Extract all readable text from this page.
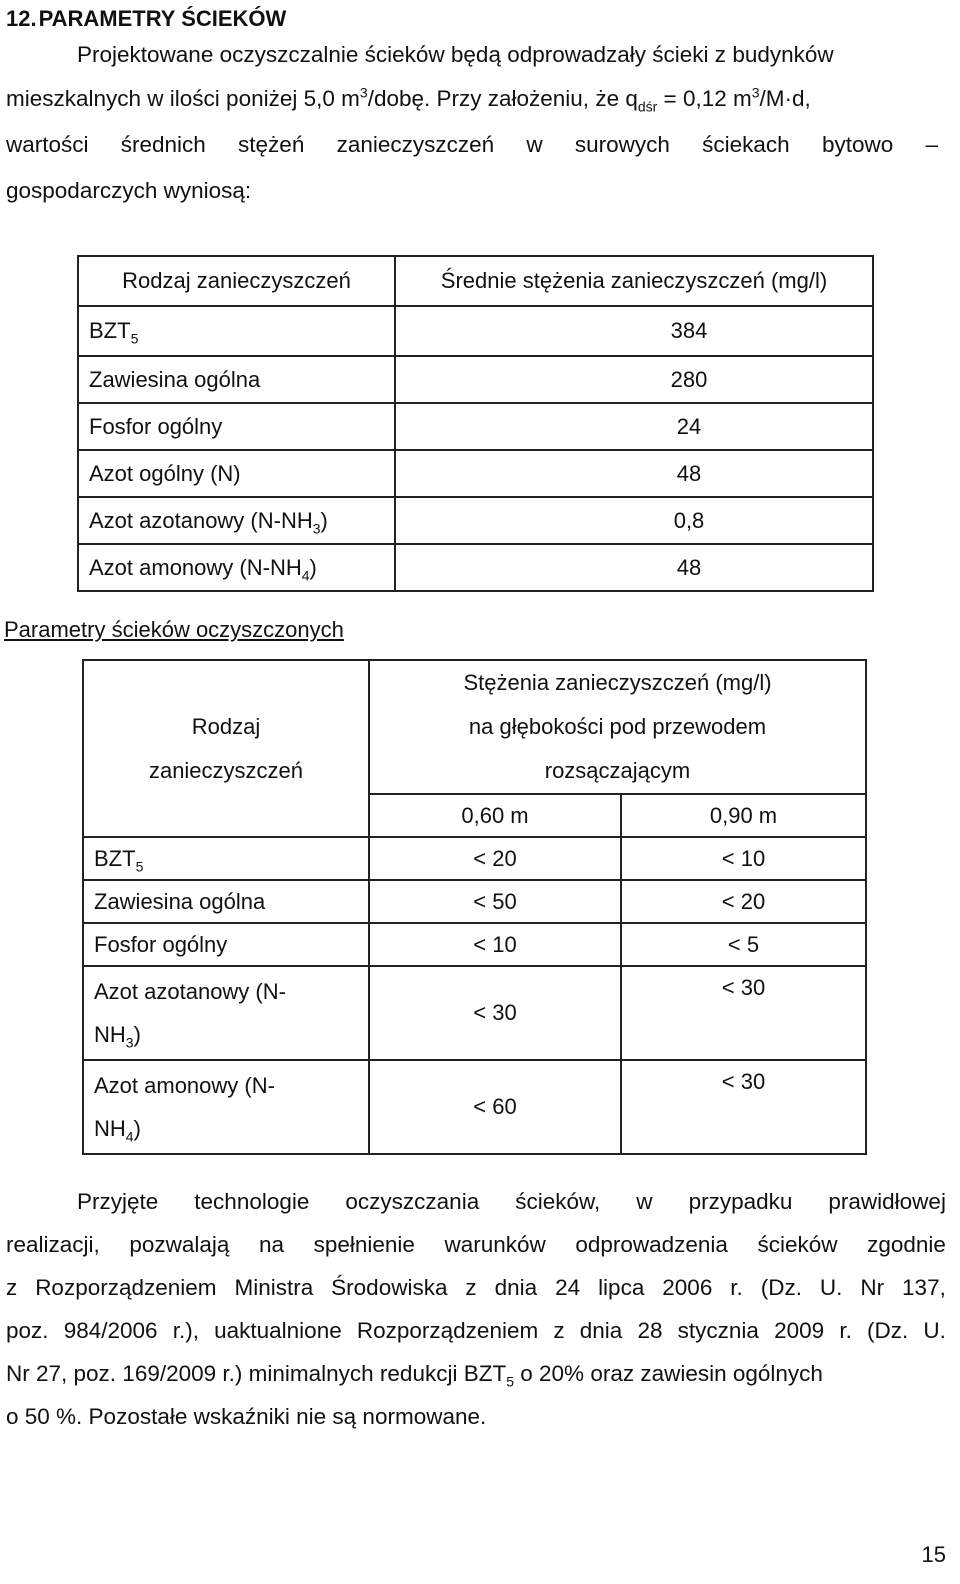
12.PARAMETRY ŚCIEKÓW
Projektowane oczyszczalnie ścieków będą odprowadzały ścieki z budynków
mieszkalnych w ilości poniżej 5,0 $m^3$/dobę. Przy założeniu, że $q_{dśr} = 0,12$ $m^3/M\cdot d$,
wartości średnich stężeń zanieczyszczeń w surowych ściekach bytowo –
gospodarczych wyniosą:
Rodzaj zanieczyszczeń	Średnie stężenia zanieczyszczeń (mg/l)
$BZT_5$	384
Zawiesina ogólna	280
Fosfor ogólny	24
Azot ogólny (N)	48
Azot azotanowy $(N-NH_3)$	0,8
Azot amonowy $(N-NH_4)$	48
Parametry ścieków oczyszczonych
Rodzaj
zanieczyszczeń	Stężenia zanieczyszczeń (mg/l)
na głębokości pod przewodem
rozsączającym	

	0,60 m	0,90 m
$BZT_5$	< 20	< 10
Zawiesina ogólna	< 50	< 20
Fosfor ogólny	< 10	< 5
Azot azotanowy (N-
$NH_3$)	< 30	< 30
Azot amonowy (N-
$NH_4$)	< 60	< 30
Przyjęte technologie oczyszczania ścieków, w przypadku prawidłowej
realizacji, pozwalają na spełnienie warunków odprowadzenia ścieków zgodnie
z Rozporządzeniem Ministra Środowiska z dnia 24 lipca 2006 r. (Dz. U. Nr 137,
poz. 984/2006 r.), uaktualnione Rozporządzeniem z dnia 28 stycznia 2009 r. (Dz. U.
Nr 27, poz. 169/2009 r.) minimalnych redukcji $BZT_5$ o 20% oraz zawiesin ogólnych
o 50 %. Pozostałe wskaźniki nie są normowane.
15
